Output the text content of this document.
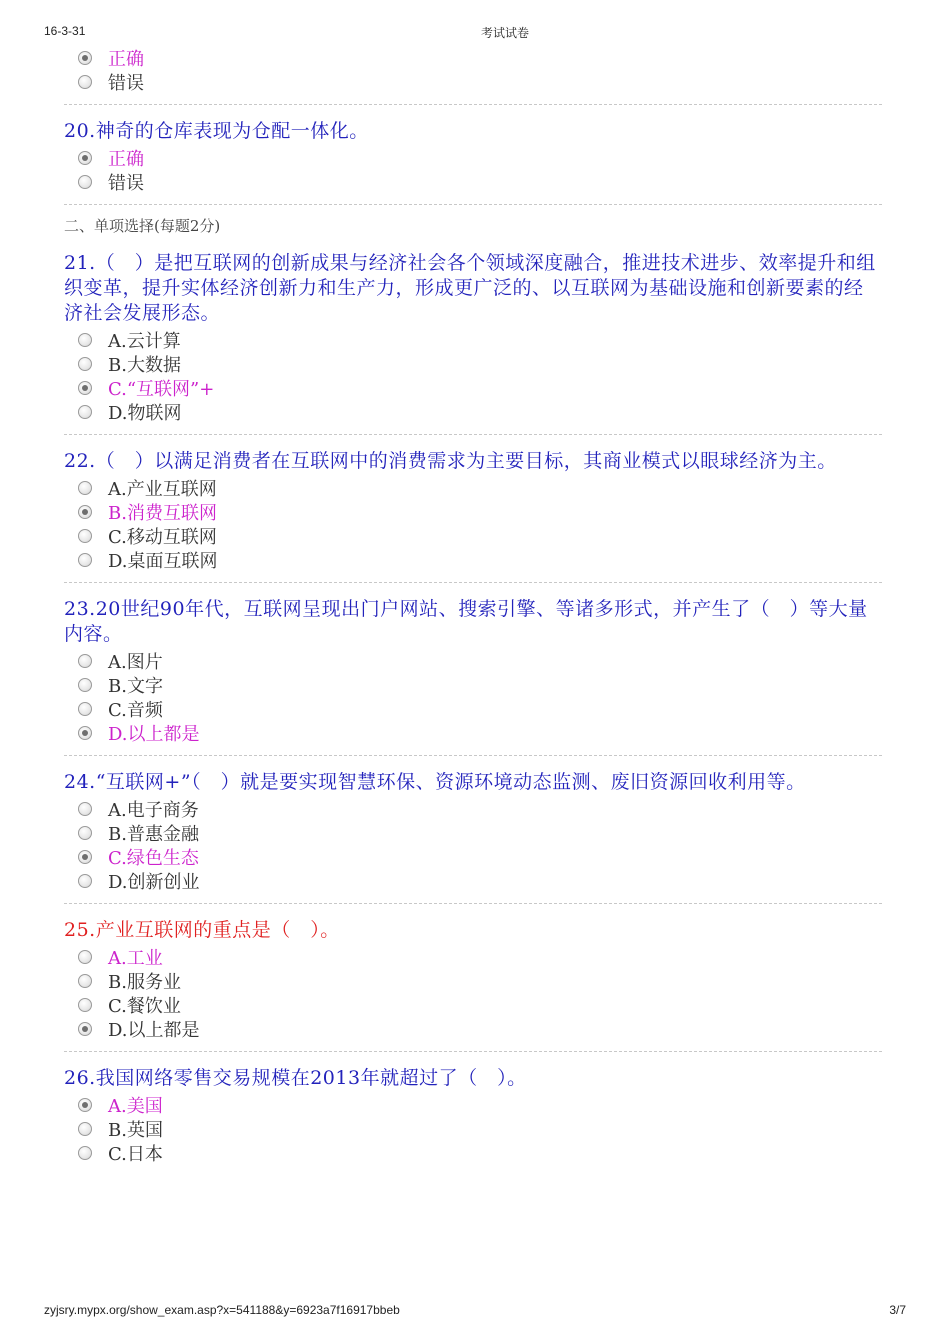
16-3-31	考试试卷
正确
错误
20.神奇的仓库表现为仓配一体化。
正确
错误
二、单项选择(每题2分)
21.（　）是把互联网的创新成果与经济社会各个领域深度融合，推进技术进步、效率提升和组织变革，提升实体经济创新力和生产力，形成更广泛的、以互联网为基础设施和创新要素的经济社会发展形态。
A.云计算
B.大数据
C.“互联网”+
D.物联网
22.（　）以满足消费者在互联网中的消费需求为主要目标，其商业模式以眼球经济为主。
A.产业互联网
B.消费互联网
C.移动互联网
D.桌面互联网
23.20世纪90年代，互联网呈现出门户网站、搜索引擎、等诸多形式，并产生了（　）等大量内容。
A.图片
B.文字
C.音频
D.以上都是
24.“互联网+”（　）就是要实现智慧环保、资源环境动态监测、废旧资源回收利用等。
A.电子商务
B.普惠金融
C.绿色生态
D.创新创业
25.产业互联网的重点是（　）。
A.工业
B.服务业
C.餐饮业
D.以上都是
26.我国网络零售交易规模在2013年就超过了（　）。
A.美国
B.英国
C.日本
zyjsry.mypx.org/show_exam.asp?x=541188&y=6923a7f16917bbeb	3/7
